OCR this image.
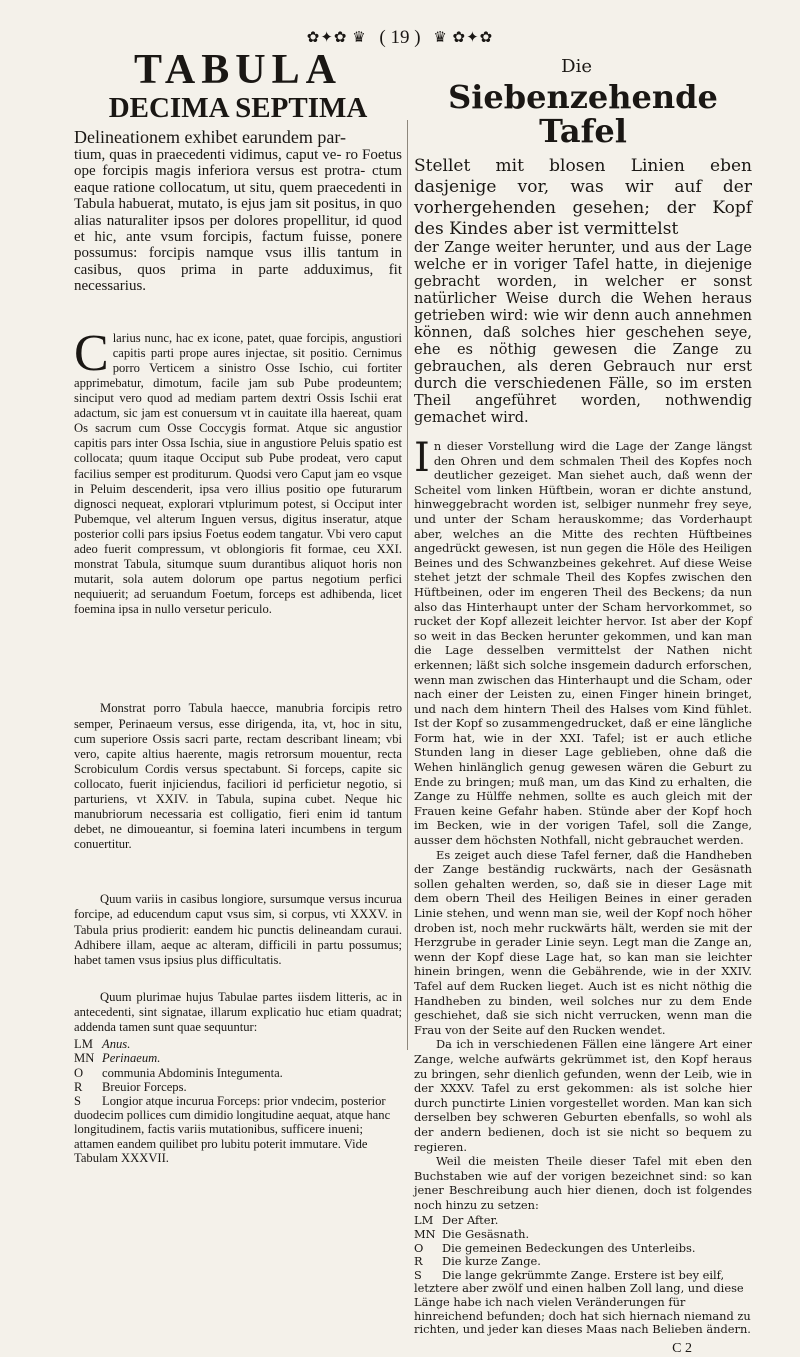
✿✦✿ ♛ ( 19 ) ♛ ✿✦✿
TABULA
DECIMA SEPTIMA

Delineationem exhibet earundem par-
tium, quas in praecedenti vidimus, caput ve- ro Foetus ope forcipis magis inferiora versus est protra- ctum eaque ratione collocatum, ut situ, quem praecedenti in Tabula habuerat, mutato, is ejus jam sit positus, in quo alias naturaliter ipsos per dolores propellitur, id quod et hic, ante vsum forcipis, factum fuisse, ponere possumus: forcipis namque vsus illis tantum in casibus, quos prima in parte adduximus, fit necessarius.

C larius nunc, hac ex icone, patet, quae forcipis, angustiori capitis parti prope aures injectae, sit positio. Cernimus porro Verticem a sinistro Osse Ischio, cui fortiter apprimebatur, dimotum, facile jam sub Pube prodeuntem; sinciput vero quod ad mediam partem dextri Ossis Ischii erat adactum, sic jam est conuersum vt in cauitate illa haereat, quam Os sacrum cum Osse Coccygis format. Atque sic angustior capitis pars inter Ossa Ischia, siue in angustiore Peluis spatio est collocata; quum itaque Occiput sub Pube prodeat, vero caput facilius semper est proditurum. Quodsi vero Caput jam eo vsque in Peluim descenderit, ipsa vero illius positio ope futurarum dignosci nequeat, explorari vtplurimum potest, si Occiput inter Pubemque, vel alterum Inguen versus, digitus inseratur, atque posterior colli pars ipsius Foetus eodem tangatur. Vbi vero caput adeo fuerit compressum, vt oblongioris fit formae, ceu XXI. monstrat Tabula, situmque suum durantibus aliquot horis non mutarit, sola autem dolorum ope partus negotium perfici nequiuerit; ad seruandum Foetum, forceps est adhibenda, licet foemina ipsa in nullo versetur periculo.

Monstrat porro Tabula haecce, manubria forcipis retro semper, Perinaeum versus, esse dirigenda, ita, vt, hoc in situ, cum superiore Ossis sacri parte, rectam describant lineam; vbi vero, capite altius haerente, magis retrorsum mouentur, recta Scrobiculum Cordis versus spectabunt. Si forceps, capite sic collocato, fuerit injiciendus, faciliori id perficietur negotio, si parturiens, vt XXIV. in Tabula, supina cubet. Neque hic manubriorum necessaria est colligatio, fieri enim id tantum debet, ne dimoueantur, si foemina lateri incumbens in tergum conuertitur.

Quum variis in casibus longiore, sursumque versus incurua forcipe, ad educendum caput vsus sim, si corpus, vti XXXV. in Tabula prius prodierit: eandem hic punctis delineandam curaui. Adhibere illam, aeque ac alteram, difficili in partu possumus; habet tamen vsus ipsius plus difficultatis.

Quum plurimae hujus Tabulae partes iisdem litteris, ac in antecedenti, sint signatae, illarum explicatio huc etiam quadrat; addenda tamen sunt quae sequuntur:

LM Anus.
MN Perinaeum.
O communia Abdominis Integumenta.
R Breuior Forceps.
S Longior atque incurua Forceps: prior vndecim, posterior duodecim pollices cum dimidio longitudine aequat, atque hanc longitudinem, factis variis mutationibus, sufficere inueni; attamen eandem quilibet pro lubitu poterit immutare. Vide Tabulam XXXVII.
Die
Siebenzehende Tafel

Stellet mit blosen Linien eben dasjenige vor, was wir auf der vorhergehenden gesehen; der Kopf des Kindes aber ist vermittelst
der Zange weiter herunter, und aus der Lage welche er in voriger Tafel hatte, in diejenige gebracht worden, in welcher er sonst natürlicher Weise durch die Wehen heraus getrieben wird: wie wir denn auch annehmen können, daß solches hier geschehen seye, ehe es nöthig gewesen die Zange zu gebrauchen, als deren Gebrauch nur erst durch die verschiedenen Fälle, so im ersten Theil angeführet worden, nothwendig gemachet wird.

I n dieser Vorstellung wird die Lage der Zange längst den Ohren und dem schmalen Theil des Kopfes noch deutlicher gezeiget. Man siehet auch, daß wenn der Scheitel vom linken Hüftbein, woran er dichte anstund, hinweggebracht worden ist, selbiger nunmehr frey seye, und unter der Scham herauskomme; das Vorderhaupt aber, welches an die Mitte des rechten Hüftbeines angedrückt gewesen, ist nun gegen die Höle des Heiligen Beines und des Schwanzbeines gekehret. Auf diese Weise stehet jetzt der schmale Theil des Kopfes zwischen den Hüftbeinen, oder im engeren Theil des Beckens; da nun also das Hinterhaupt unter der Scham hervorkommet, so rucket der Kopf allezeit leichter hervor. Ist aber der Kopf so weit in das Becken herunter gekommen, und kan man die Lage desselben vermittelst der Nathen nicht erkennen; läßt sich solche insgemein dadurch erforschen, wenn man zwischen das Hinterhaupt und die Scham, oder nach einer der Leisten zu, einen Finger hinein bringet, und nach dem hintern Theil des Halses vom Kind fühlet. Ist der Kopf so zusammengedrucket, daß er eine längliche Form hat, wie in der XXI. Tafel; ist er auch etliche Stunden lang in dieser Lage geblieben, ohne daß die Wehen hinlänglich genug gewesen wären die Geburt zu Ende zu bringen; muß man, um das Kind zu erhalten, die Zange zu Hülffe nehmen, sollte es auch gleich mit der Frauen keine Gefahr haben. Stünde aber der Kopf hoch im Becken, wie in der vorigen Tafel, soll die Zange, ausser dem höchsten Nothfall, nicht gebrauchet werden.

Es zeiget auch diese Tafel ferner, daß die Handheben der Zange beständig ruckwärts, nach der Gesäsnath sollen gehalten werden, so, daß sie in dieser Lage mit dem obern Theil des Heiligen Beines in einer geraden Linie stehen, und wenn man sie, weil der Kopf noch höher droben ist, noch mehr ruckwärts hält, werden sie mit der Herzgrube in gerader Linie seyn. Legt man die Zange an, wenn der Kopf diese Lage hat, so kan man sie leichter hinein bringen, wenn die Gebährende, wie in der XXIV. Tafel auf dem Rucken lieget. Auch ist es nicht nöthig die Handheben zu binden, weil solches nur zu dem Ende geschiehet, daß sie sich nicht verrucken, wenn man die Frau von der Seite auf den Rucken wendet.

Da ich in verschiedenen Fällen eine längere Art einer Zange, welche aufwärts gekrümmet ist, den Kopf heraus zu bringen, sehr dienlich gefunden, wenn der Leib, wie in der XXXV. Tafel zu erst gekommen: als ist solche hier durch punctirte Linien vorgestellet worden. Man kan sich derselben bey schweren Geburten ebenfalls, so wohl als der andern bedienen, doch ist sie nicht so bequem zu regieren.

Weil die meisten Theile dieser Tafel mit eben den Buchstaben wie auf der vorigen bezeichnet sind: so kan jener Beschreibung auch hier dienen, doch ist folgendes noch hinzu zu setzen:

LM Der After.
MN Die Gesäsnath.
O Die gemeinen Bedeckungen des Unterleibs.
R Die kurze Zange.
S Die lange gekrümmte Zange. Erstere ist bey eilf, letztere aber zwölf und einen halben Zoll lang, und diese Länge habe ich nach vielen Veränderungen für hinreichend befunden; doch hat sich hiernach niemand zu richten, und jeder kan dieses Maas nach Belieben ändern.
C 2
